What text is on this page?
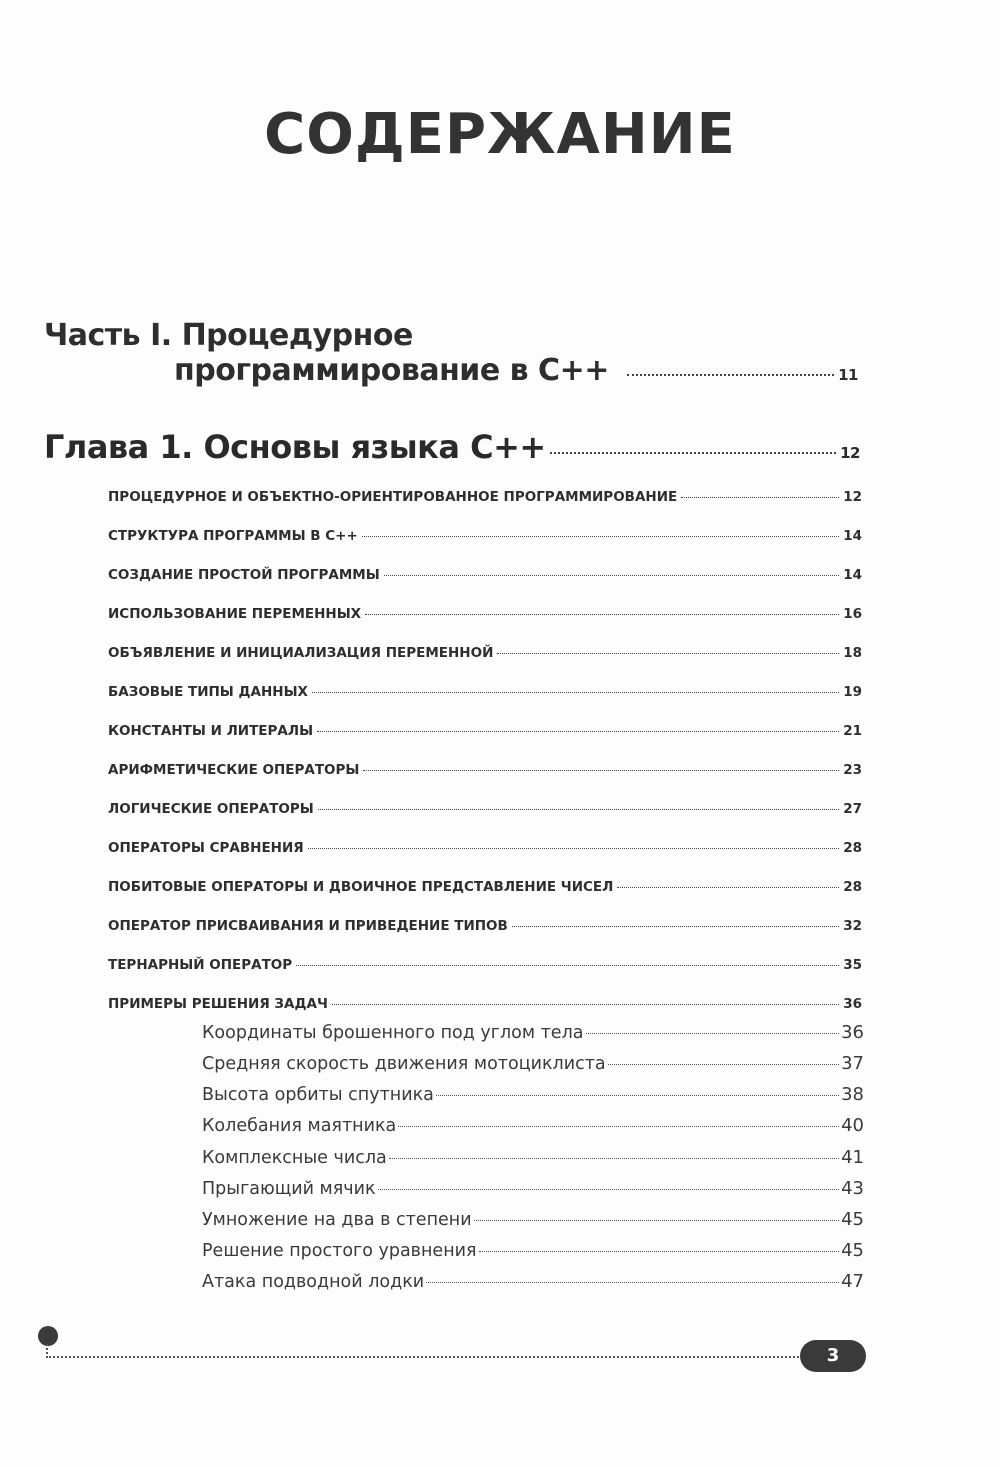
СОДЕРЖАНИЕ
Часть I. Процедурное
программирование в С++	11
Глава 1. Основы языка С++	12
ПРОЦЕДУРНОЕ И ОБЪЕКТНО-ОРИЕНТИРОВАННОЕ ПРОГРАММИРОВАНИЕ	12
СТРУКТУРА ПРОГРАММЫ В С++	14
СОЗДАНИЕ ПРОСТОЙ ПРОГРАММЫ	14
ИСПОЛЬЗОВАНИЕ ПЕРЕМЕННЫХ	16
ОБЪЯВЛЕНИЕ И ИНИЦИАЛИЗАЦИЯ ПЕРЕМЕННОЙ	18
БАЗОВЫЕ ТИПЫ ДАННЫХ	19
КОНСТАНТЫ И ЛИТЕРАЛЫ	21
АРИФМЕТИЧЕСКИЕ ОПЕРАТОРЫ	23
ЛОГИЧЕСКИЕ ОПЕРАТОРЫ	27
ОПЕРАТОРЫ СРАВНЕНИЯ	28
ПОБИТОВЫЕ ОПЕРАТОРЫ И ДВОИЧНОЕ ПРЕДСТАВЛЕНИЕ ЧИСЕЛ	28
ОПЕРАТОР ПРИСВАИВАНИЯ И ПРИВЕДЕНИЕ ТИПОВ	32
ТЕРНАРНЫЙ ОПЕРАТОР	35
ПРИМЕРЫ РЕШЕНИЯ ЗАДАЧ	36
Координаты брошенного под углом тела	36
Средняя скорость движения мотоциклиста	37
Высота орбиты спутника	38
Колебания маятника	40
Комплексные числа	41
Прыгающий мячик	43
Умножение на два в степени	45
Решение простого уравнения	45
Атака подводной лодки	47
3
